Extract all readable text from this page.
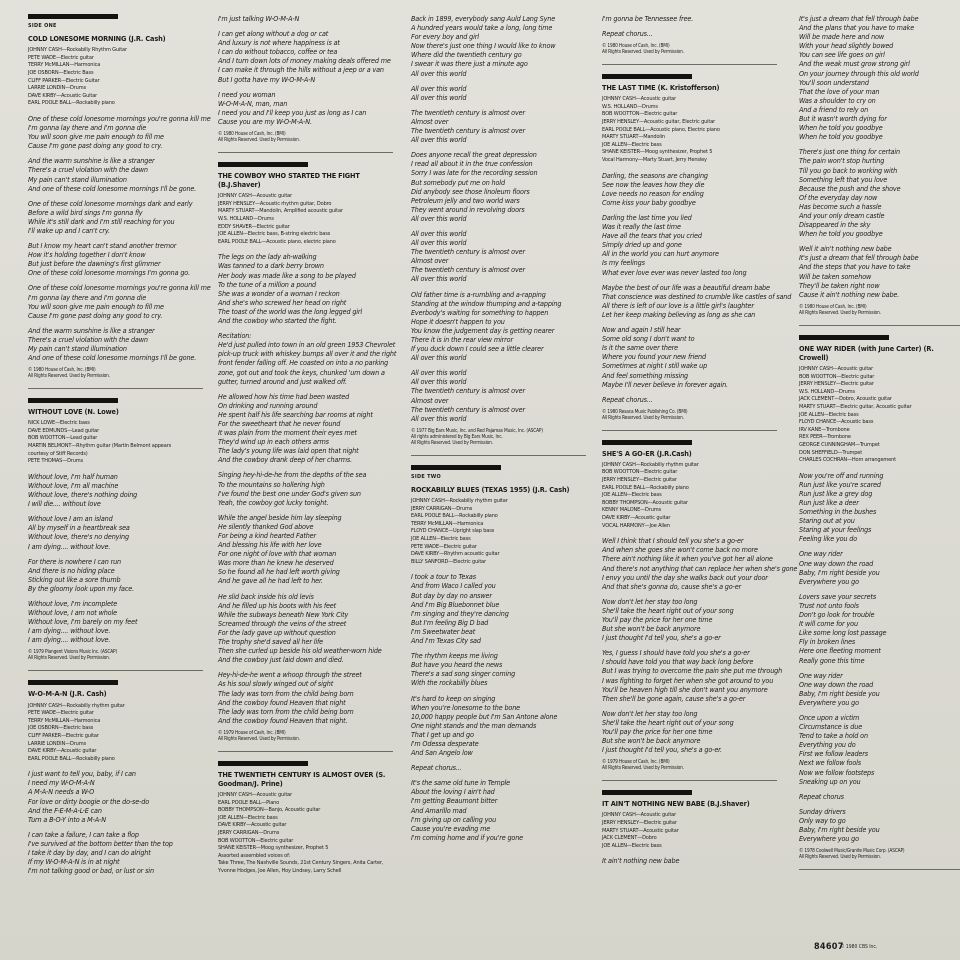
SIDE ONE
COLD LONESOME MORNING (J.R. Cash)
JOHNNY CASH—Rockabilly Rhythm Guitar
PETE WADE—Electric guitar
TERRY McMILLAN—Harmonica
JOE OSBORN—Electric Bass
CLIFF PARKER—Electric Guitar
LARRIE LONDIN—Drums
DAVE KIRBY—Acoustic Guitar
EARL POOLE BALL—Rockabilly piano
One of these cold lonesome mornings you're gonna kill me
I'm gonna lay there and I'm gonna die
You will soon give me pain enough to fill me
Cause I'm gone past doing any good to cry.
And the warm sunshine is like a stranger
There's a cruel violation with the dawn
My pain can't stand illumination
And one of these cold lonesome mornings I'll be gone.
One of these cold lonesome mornings dark and early
Before a wild bird sings I'm gonna fly
While it's still dark and I'm still reaching for you
I'll wake up and I can't cry.
But I know my heart can't stand another tremor
How it's holding together I don't know
But just before the dawning's first glimmer
One of these cold lonesome mornings I'm gonna go.
One of these cold lonesome mornings you're gonna kill me
I'm gonna lay there and I'm gonna die
You will soon give me pain enough to fill me
Cause I'm gone past doing any good to cry.
And the warm sunshine is like a stranger
There's a cruel violation with the dawn
My pain can't stand illumination
And one of these cold lonesome mornings I'll be gone.
© 1980 House of Cash, Inc. (BMI)
All Rights Reserved. Used by Permission.
WITHOUT LOVE (N. Lowe)
NICK LOWE—Electric bass
DAVE EDMUNDS—Lead guitar
BOB WOOTTON—Lead guitar
MARTIN BELMONT—Rhythm guitar (Martin Belmont appears
courtesy of Stiff Records)
PETE THOMAS—Drums
Without love, I'm half human
Without love, I'm all machine
Without love, there's nothing doing
I will die.... without love
Without love I am an island
All by myself in a heartbreak sea
Without love, there's no denying
I am dying.... without love.
For there is nowhere I can run
And there is no hiding place
Sticking out like a sore thumb
By the gloomy look upon my face.
Without love, I'm incomplete
Without love, I am not whole
Without love, I'm barely on my feet
I am dying.... without love.
I am dying.... without love.
© 1979 Plangent Visions Music Inc. (ASCAP)
All Rights Reserved. Used by Permission.
W-O-M-A-N (J.R. Cash)
JOHNNY CASH—Rockabilly rhythm guitar
PETE WADE—Electric guitar
TERRY McMILLAN—Harmonica
JOE OSBORN—Electric bass
CLIFF PARKER—Electric guitar
LARRIE LONDIN—Drums
DAVE KIRBY—Acoustic guitar
EARL POOLE BALL—Rockabilly piano
I just want to tell you, baby, if I can
I need my W-O-M-A-N
A M-A-N needs a W-O
For love or dirty boogie or the do-se-do
And the F-E-M-A-L-E can
Turn a B-O-Y into a M-A-N
I can take a failure, I can take a flop
I've survived at the bottom better than the top
I take it day by day, and I can do alright
If my W-O-M-A-N is in at night
I'm not talking good or bad, or lust or sin
I'm just talking W-O-M-A-N
I can get along without a dog or cat
And luxury is not where happiness is at
I can do without tobacco, coffee or tea
And I turn down lots of money making deals offered me
I can make it through the hills without a jeep or a van
But I gotta have my W-O-M-A-N
I need you woman
W-O-M-A-N, man, man
I need you and I'll keep you just as long as I can
Cause you are my W-O-M-A-N.
© 1980 House of Cash, Inc. (BMI)
All Rights Reserved. Used by Permission.
THE COWBOY WHO STARTED THE FIGHT (B.J.Shaver)
JOHNNY CASH—Acoustic guitar
JERRY HENSLEY—Acoustic rhythm guitar, Dobro
MARTY STUART—Mandolin, Amplified acoustic guitar
W.S. HOLLAND—Drums
EDDY SHAVER—Electric guitar
JOE ALLEN—Electric bass, B-string electric bass
EARL POOLE BALL—Acoustic piano, electric piano
The legs on the lady ah-walking
Was tanned to a dark berry brown
Her body was made like a song to be played
To the tune of a million a pound
She was a wonder of a woman I reckon
And she's who screwed her head on right
The toast of the world was the long legged girl
And the cowboy who started the fight.
Recitation:
He'd just pulled into town in an old green 1953 Chevrolet
pick-up truck with whiskey bumps all over it and the right
front fender falling off. He coasted on into a no parking
zone, got out and took the keys, chunked 'um down a
gutter, turned around and just walked off.
He allowed how his time had been wasted
On drinking and running around
He spent half his life searching bar rooms at night
For the sweetheart that he never found
It was plain from the moment their eyes met
They'd wind up in each others arms
The lady's young life was laid open that night
And the cowboy drank deep of her charms.
Singing hey-hi-de-he from the depths of the sea
To the mountains so hollering high
I've found the best one under God's given sun
Yeah, the cowboy got lucky tonight.
While the angel beside him lay sleeping
He silently thanked God above
For being a kind hearted Father
And blessing his life with her love
For one night of love with that woman
Was more than he knew he deserved
So he found all he had left worth giving
And he gave all he had left to her.
He slid back inside his old levis
And he filled up his boots with his feet
While the subways beneath New York City
Screamed through the veins of the street
For the lady gave up without question
The trophy she'd saved all her life
Then she curled up beside his old weather-worn hide
And the cowboy just laid down and died.
Hey-hi-de-he went a whoop through the street
As his soul slowly winged out of sight
The lady was torn from the child being born
And the cowboy found Heaven that night
The lady was torn from the child being born
And the cowboy found Heaven that night.
© 1979 House of Cash, Inc. (BMI)
All Rights Reserved. Used by Permission.
THE TWENTIETH CENTURY IS ALMOST OVER (S. Goodman/J. Prine)
JOHNNY CASH—Acoustic guitar
EARL POOLE BALL—Piano
BOBBY THOMPSON—Banjo, Acoustic guitar
JOE ALLEN—Electric bass
DAVE KIRBY—Acoustic guitar
JERRY CARRIGAN—Drums
BOB WOOTTON—Electric guitar
SHANE KEISTER—Moog synthesizer, Prophet 5
Assorted assembled voices of:
Take Three, The Nashville Sounds, 21st Century Singers, Anita Carter,
Yvonne Hodges, Joe Allen, Hoy Lindsey, Larry Schell
Back in 1899, everybody sang Auld Lang Syne
A hundred years would take a long, long time
For every boy and girl
Now there's just one thing I would like to know
Where did the twentieth century go
I swear it was there just a minute ago
All over this world
All over this world
All over this world
The twentieth century is almost over
Almost over
The twentieth century is almost over
All over this world
Does anyone recall the great depression
I read all about it in the true confession
Sorry I was late for the recording session
But somebody put me on hold
Did anybody see those linoleum floors
Petroleum jelly and two world wars
They went around in revolving doors
All over this world
All over this world
All over this world
The twentieth century is almost over
Almost over
The twentieth century is almost over
All over this world
Old father time is a-rumbling and a-rapping
Standing at the window thumping and a-tapping
Everbody's waiting for something to happen
Hope it doesn't happen to you
You know the judgement day is getting nearer
There it is in the rear view mirror
If you duck down I could see a little clearer
All over this world
All over this world
All over this world
The twentieth century is almost over
Almost over
The twentieth century is almost over
All over this world
© 1977 Big Ears Music, Inc. and Red Pajamas Music, Inc. (ASCAP)
All rights administered by Big Ears Music, Inc.
All Rights Reserved. Used by Permission.
SIDE TWO
ROCKABILLY BLUES (TEXAS 1955) (J.R. Cash)
JOHNNY CASH—Rockabilly rhythm guitar
JERRY CARRIGAN—Drums
EARL POOLE BALL—Rockabilly piano
TERRY McMILLAN—Harmonica
FLOYD CHANCE—Upright slap bass
JOE ALLEN—Electric bass
PETE WADE—Electric guitar
DAVE KIRBY—Rhythm acoustic guitar
BILLY SANFORD—Electric guitar
I took a tour to Texas
And from Waco I called you
But day by day no answer
And I'm Big Bluebonnet blue
I'm singing and they're dancing
But I'm feeling Big D bad
I'm Sweetwater beat
And I'm Texas City sad
The rhythm keeps me living
But have you heard the news
There's a sad song singer coming
With the rockabilly blues
It's hard to keep on singing
When you're lonesome to the bone
10,000 happy people but I'm San Antone alone
One night stands and the man demands
That I get up and go
I'm Odessa desperate
And San Angelo low
Repeat chorus...
It's the same old tune in Temple
About the loving I ain't had
I'm getting Beaumont bitter
And Amarillo mad
I'm giving up on calling you
Cause you're evading me
I'm coming home and if you're gone
I'm gonna be Tennessee free.
Repeat chorus...
© 1980 House of Cash, Inc. (BMI)
All Rights Reserved. Used by Permission.
THE LAST TIME (K. Kristofferson)
JOHNNY CASH—Acoustic guitar
W.S. HOLLAND—Drums
BOB WOOTTON—Electric guitar
JERRY HENSLEY—Acoustic guitar, Electric guitar
EARL POOLE BALL—Acoustic piano, Electric piano
MARTY STUART—Mandolin
JOE ALLEN—Electric bass
SHANE KEISTER—Moog synthesizer, Prophet 5
Vocal Harmony—Marty Stuart, Jerry Hensley
Darling, the seasons are changing
See now the leaves how they die
Love needs no reason for ending
Come kiss your baby goodbye
Darling the last time you lied
Was it really the last time
Have all the tears that you cried
Simply dried up and gone
All in the world you can hurt anymore
Is my feelings
What ever love ever was never lasted too long
Maybe the best of our life was a beautiful dream babe
That conscience was destined to crumble like castles of sand
All there is left of our love is a little girl's laughter
Let her keep making believing as long as she can
Now and again I still hear
Some old song I don't want to
Is it the same over there
Where you found your new friend
Sometimes at night I still wake up
And feel something missing
Maybe I'll never believe in forever again.
Repeat chorus...
© 1980 Resaca Music Publishing Co. (BMI)
All Rights Reserved. Used by Permission.
SHE'S A GO-ER (J.R.Cash)
JOHNNY CASH—Rockabilly rhythm guitar
BOB WOOTTON—Electric guitar
JERRY HENSLEY—Electric guitar
EARL POOLE BALL—Rockabilly piano
JOE ALLEN—Electric bass
BOBBY THOMPSON—Acoustic guitar
KENNY MALONE—Drums
DAVE KIRBY—Acoustic guitar
VOCAL HARMONY—Joe Allen
Well I think that I should tell you she's a go-er
And when she goes she won't come back no more
There ain't nothing like it when you've got her all alone
And there's not anything that can replace her when she's gone
I envy you until the day she walks back out your door
And that she's gonna do, cause she's a go-er
Now don't let her stay too long
She'll take the heart right out of your song
You'll pay the price for her one time
But she won't be back anymore
I just thought I'd tell you, she's a go-er
Yes, I guess I should have told you she's a go-er
I should have told you that way back long before
But I was trying to overcome the pain she put me through
I was fighting to forget her when she got around to you
You'll be heaven high till she don't want you anymore
Then she'll be gone again, cause she's a go-er
Now don't let her stay too long
She'll take the heart right out of your song
You'll pay the price for her one time
But she won't be back anymore
I just thought I'd tell you, she's a go-er.
© 1979 House of Cash, Inc. (BMI)
All Rights Reserved. Used by Permission.
IT AIN'T NOTHING NEW BABE (B.J.Shaver)
JOHNNY CASH—Acoustic guitar
JERRY HENSLEY—Electric guitar
MARTY STUART—Acoustic guitar
JACK CLEMENT—Dobro
JOE ALLEN—Electric bass
It ain't nothing new babe
It's just a dream that fell through babe
And the plans that you have to make
Will be made here and now
With your head slightly bowed
You can see life goes on girl
And the weak must grow strong girl
On your journey through this old world
You'll soon understand
That the love of your man
Was a shoulder to cry on
And a friend to rely on
But it wasn't worth dying for
When he told you goodbye
When he told you goodbye
There's just one thing for certain
The pain won't stop hurting
Till you go back to working with
Something left that you love
Because the push and the shove
Of the everyday day now
Has become such a hassle
And your only dream castle
Disappeared in the sky
When he told you goodbye
Well it ain't nothing new babe
It's just a dream that fell through babe
And the steps that you have to take
Will be taken somehow
They'll be taken right now
Cause it ain't nothing new babe.
© 1980 House of Cash, Inc. (BMI)
All Rights Reserved. Used by Permission.
ONE WAY RIDER (with June Carter) (R. Crowell)
JOHNNY CASH—Acoustic guitar
BOB WOOTTON—Electric guitar
JERRY HENSLEY—Electric guitar
W.S. HOLLAND—Drums
JACK CLEMENT—Dobro, Acoustic guitar
MARTY STUART—Electric guitar, Acoustic guitar
JOE ALLEN—Electric bass
FLOYD CHANCE—Acoustic bass
IRV KANE—Trombone
REX PEER—Trombone
GEORGE CUNNINGHAM—Trumpet
DON SHEFFIELD—Trumpet
CHARLES COCHRAN—Horn arrangement
Now you're off and running
Run just like you're scared
Run just like a grey dog
Run just like a deer
Something in the bushes
Staring out at you
Staring at your feelings
Feeling like you do
One way rider
One way down the road
Baby, I'm right beside you
Everywhere you go
Lovers save your secrets
Trust not unto fools
Don't go look for trouble
It will come for you
Like some long lost passage
Fly in broken lines
Here one fleeting moment
Really gone this time
One way rider
One way down the road
Baby, I'm right beside you
Everywhere you go
Once upon a victim
Circumstance is due
Tend to take a hold on
Everything you do
First we follow leaders
Next we follow fools
Now we follow footsteps
Sneaking up on you
Repeat chorus
Sunday drivers
Only way to go
Baby, I'm right beside you
Everywhere you go
© 1978 Coolwell Music/Granite Music Corp. (ASCAP)
All Rights Reserved. Used by Permission.
84607
© 1980 CBS Inc.
